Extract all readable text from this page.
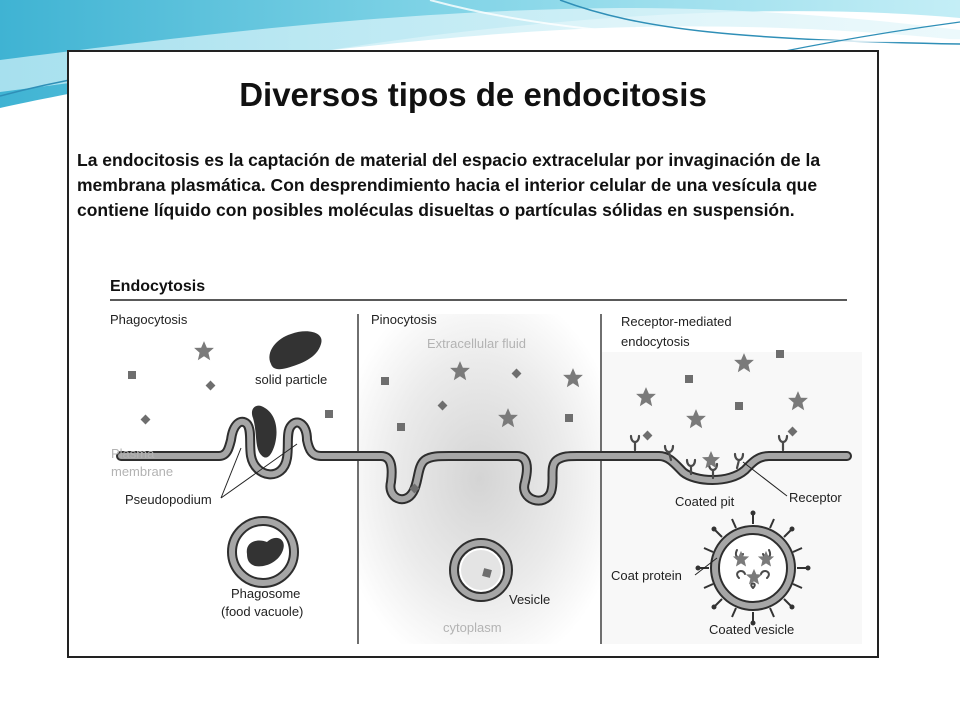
Diversos tipos de endocitosis

La endocitosis es la captación de material del espacio extracelular por invaginación de la membrana plasmática. Con desprendimiento hacia el interior celular de una vesícula que contiene líquido con posibles moléculas disueltas o partículas sólidas en suspensión.

Endocytosis
Phagocytosis	Pinocytosis	Receptor-mediated
endocytosis
solid particle
Plasma
membrane
Pseudopodium
Phagosome
(food vacuole)
Extracellular fluid
Vesicle
cytoplasm
Coated pit	Receptor
Coat protein
Coated vesicle
